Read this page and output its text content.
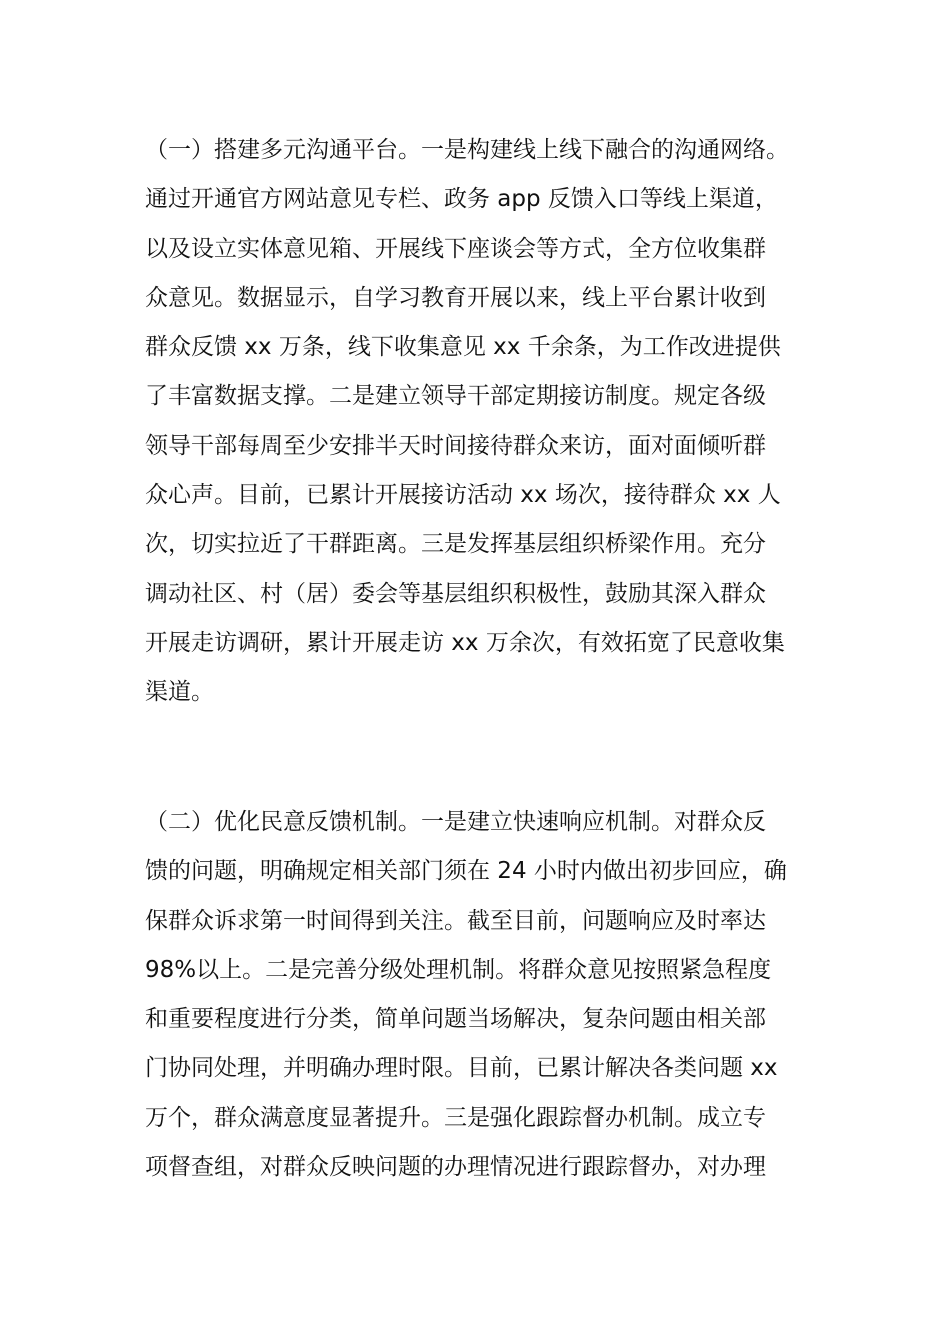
（一）搭建多元沟通平台。一是构建线上线下融合的沟通网络。
通过开通官方网站意见专栏、政务 app 反馈入口等线上渠道，
以及设立实体意见箱、开展线下座谈会等方式，全方位收集群
众意见。数据显示，自学习教育开展以来，线上平台累计收到
群众反馈 xx 万条，线下收集意见 xx 千余条，为工作改进提供
了丰富数据支撑。二是建立领导干部定期接访制度。规定各级
领导干部每周至少安排半天时间接待群众来访，面对面倾听群
众心声。目前，已累计开展接访活动 xx 场次，接待群众 xx 人
次，切实拉近了干群距离。三是发挥基层组织桥梁作用。充分
调动社区、村（居）委会等基层组织积极性，鼓励其深入群众
开展走访调研，累计开展走访 xx 万余次，有效拓宽了民意收集
渠道。
（二）优化民意反馈机制。一是建立快速响应机制。对群众反
馈的问题，明确规定相关部门须在 24 小时内做出初步回应，确
保群众诉求第一时间得到关注。截至目前，问题响应及时率达
98%以上。二是完善分级处理机制。将群众意见按照紧急程度
和重要程度进行分类，简单问题当场解决，复杂问题由相关部
门协同处理，并明确办理时限。目前，已累计解决各类问题 xx
万个，群众满意度显著提升。三是强化跟踪督办机制。成立专
项督查组，对群众反映问题的办理情况进行跟踪督办，对办理
